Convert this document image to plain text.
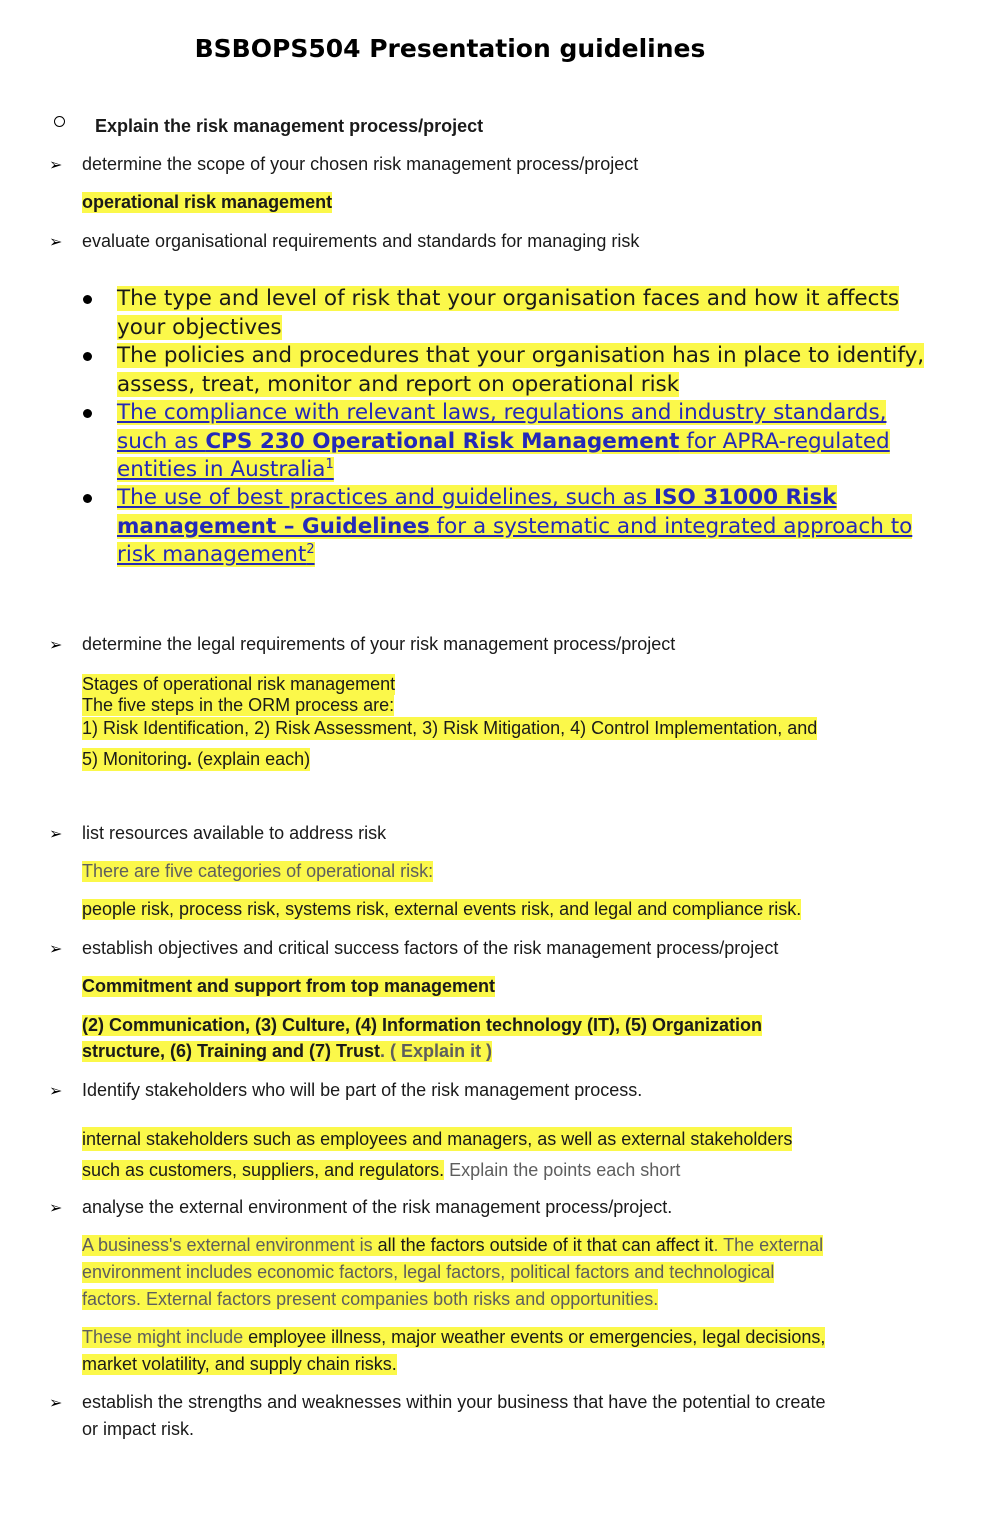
BSBOPS504 Presentation guidelines
Explain the risk management process/project
➢ determine the scope of your chosen risk management process/project
operational risk management
➢ evaluate organisational requirements and standards for managing risk
The type and level of risk that your organisation faces and how it affects
your objectives
The policies and procedures that your organisation has in place to identify,
assess, treat, monitor and report on operational risk
The compliance with relevant laws, regulations and industry standards,
such as CPS 230 Operational Risk Management for APRA-regulated
entities in Australia$^1$
The use of best practices and guidelines, such as ISO 31000 Risk
management – Guidelines for a systematic and integrated approach to
risk management$^2$
➢ determine the legal requirements of your risk management process/project
Stages of operational risk management
The five steps in the ORM process are:
1) Risk Identification, 2) Risk Assessment, 3) Risk Mitigation, 4) Control Implementation, and
5) Monitoring. (explain each)
➢ list resources available to address risk
There are five categories of operational risk:
people risk, process risk, systems risk, external events risk, and legal and compliance risk.
➢ establish objectives and critical success factors of the risk management process/project
Commitment and support from top management
(2) Communication, (3) Culture, (4) Information technology (IT), (5) Organization
structure, (6) Training and (7) Trust. ( Explain it )
➢ Identify stakeholders who will be part of the risk management process.
internal stakeholders such as employees and managers, as well as external stakeholders
such as customers, suppliers, and regulators. Explain the points each short
➢ analyse the external environment of the risk management process/project.
A business's external environment is all the factors outside of it that can affect it. The external
environment includes economic factors, legal factors, political factors and technological
factors. External factors present companies both risks and opportunities.
These might include employee illness, major weather events or emergencies, legal decisions,
market volatility, and supply chain risks.
➢ establish the strengths and weaknesses within your business that have the potential to create
or impact risk.
